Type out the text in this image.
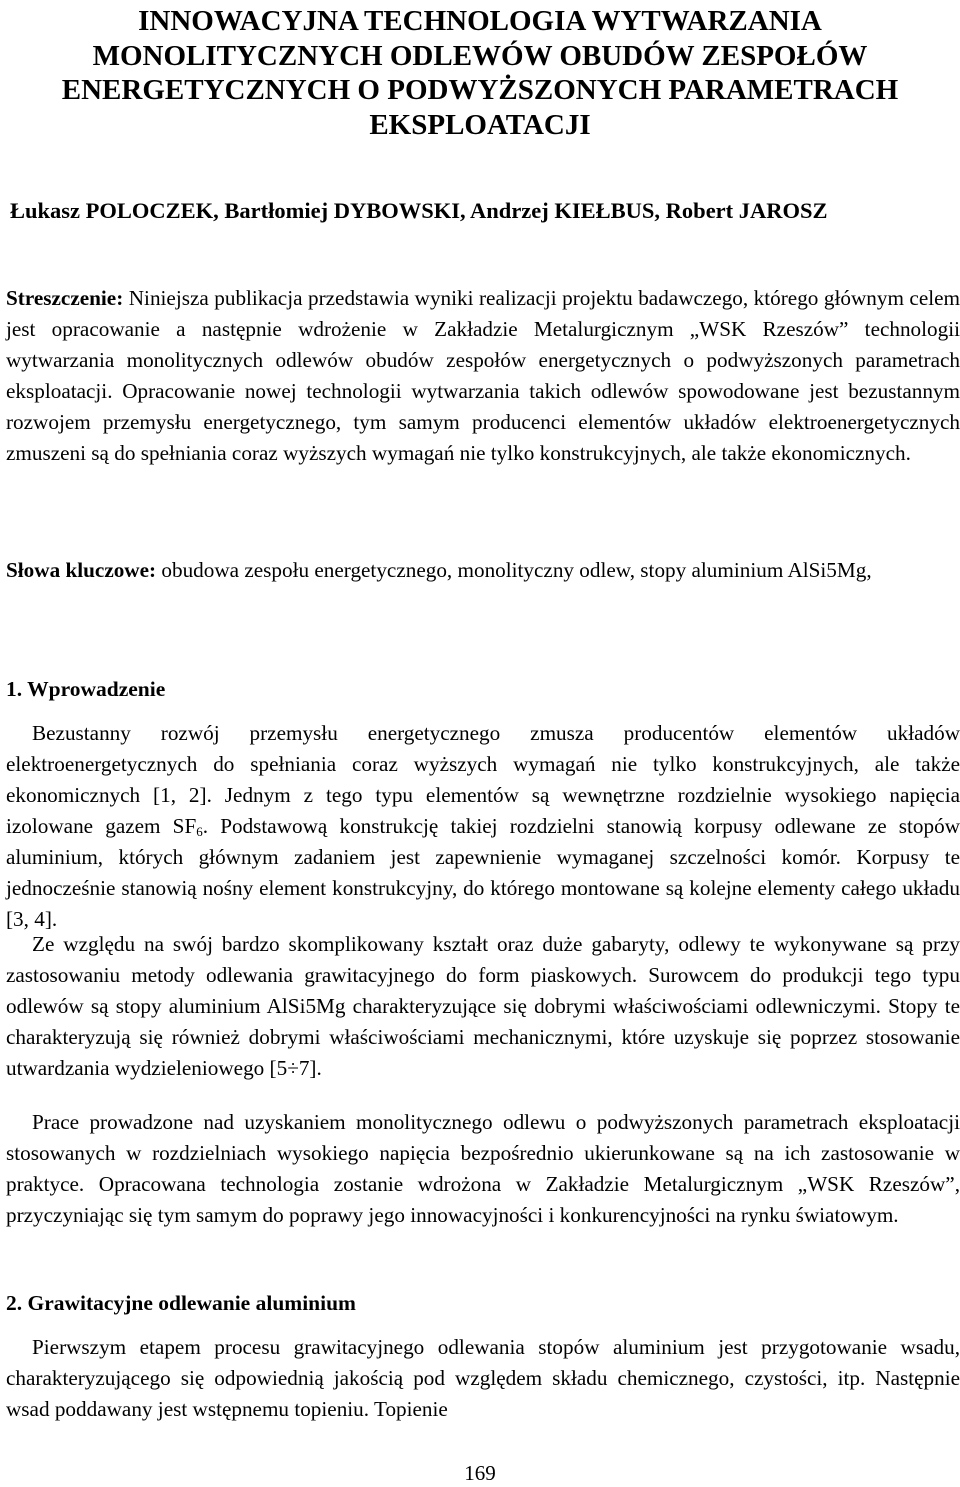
INNOWACYJNA TECHNOLOGIA WYTWARZANIA
MONOLITYCZNYCH ODLEWÓW OBUDÓW ZESPOŁÓW
ENERGETYCZNYCH O PODWYŻSZONYCH PARAMETRACH
EKSPLOATACJI

Łukasz POLOCZEK, Bartłomiej DYBOWSKI, Andrzej KIEŁBUS, Robert JAROSZ

Streszczenie: Niniejsza publikacja przedstawia wyniki realizacji projektu badawczego, którego głównym celem jest opracowanie a następnie wdrożenie w Zakładzie Metalurgicznym „WSK Rzeszów” technologii wytwarzania monolitycznych odlewów obudów zespołów energetycznych o podwyższonych parametrach eksploatacji. Opracowanie nowej technologii wytwarzania takich odlewów spowodowane jest bezustannym rozwojem przemysłu energetycznego, tym samym producenci elementów układów elektroenergetycznych zmuszeni są do spełniania coraz wyższych wymagań nie tylko konstrukcyjnych, ale także ekonomicznych.

Słowa kluczowe: obudowa zespołu energetycznego, monolityczny odlew, stopy aluminium AlSi5Mg,

1. Wprowadzenie

Bezustanny rozwój przemysłu energetycznego zmusza producentów elementów układów elektroenergetycznych do spełniania coraz wyższych wymagań nie tylko konstrukcyjnych, ale także ekonomicznych [1, 2]. Jednym z tego typu elementów są wewnętrzne rozdzielnie wysokiego napięcia izolowane gazem $SF_6$. Podstawową konstrukcję takiej rozdzielni stanowią korpusy odlewane ze stopów aluminium, których głównym zadaniem jest zapewnienie wymaganej szczelności komór. Korpusy te jednocześnie stanowią nośny element konstrukcyjny, do którego montowane są kolejne elementy całego układu [3, 4].

Ze względu na swój bardzo skomplikowany kształt oraz duże gabaryty, odlewy te wykonywane są przy zastosowaniu metody odlewania grawitacyjnego do form piaskowych. Surowcem do produkcji tego typu odlewów są stopy aluminium AlSi5Mg charakteryzujące się dobrymi właściwościami odlewniczymi. Stopy te charakteryzują się również dobrymi właściwościami mechanicznymi, które uzyskuje się poprzez stosowanie utwardzania wydzieleniowego [5÷7].

Prace prowadzone nad uzyskaniem monolitycznego odlewu o podwyższonych parametrach eksploatacji stosowanych w rozdzielniach wysokiego napięcia bezpośrednio ukierunkowane są na ich zastosowanie w praktyce. Opracowana technologia zostanie wdrożona w Zakładzie Metalurgicznym „WSK Rzeszów”, przyczyniając się tym samym do poprawy jego innowacyjności i konkurencyjności na rynku światowym.

2. Grawitacyjne odlewanie aluminium

Pierwszym etapem procesu grawitacyjnego odlewania stopów aluminium jest przygotowanie wsadu, charakteryzującego się odpowiednią jakością pod względem składu chemicznego, czystości, itp. Następnie wsad poddawany jest wstępnemu topieniu. Topienie

169
